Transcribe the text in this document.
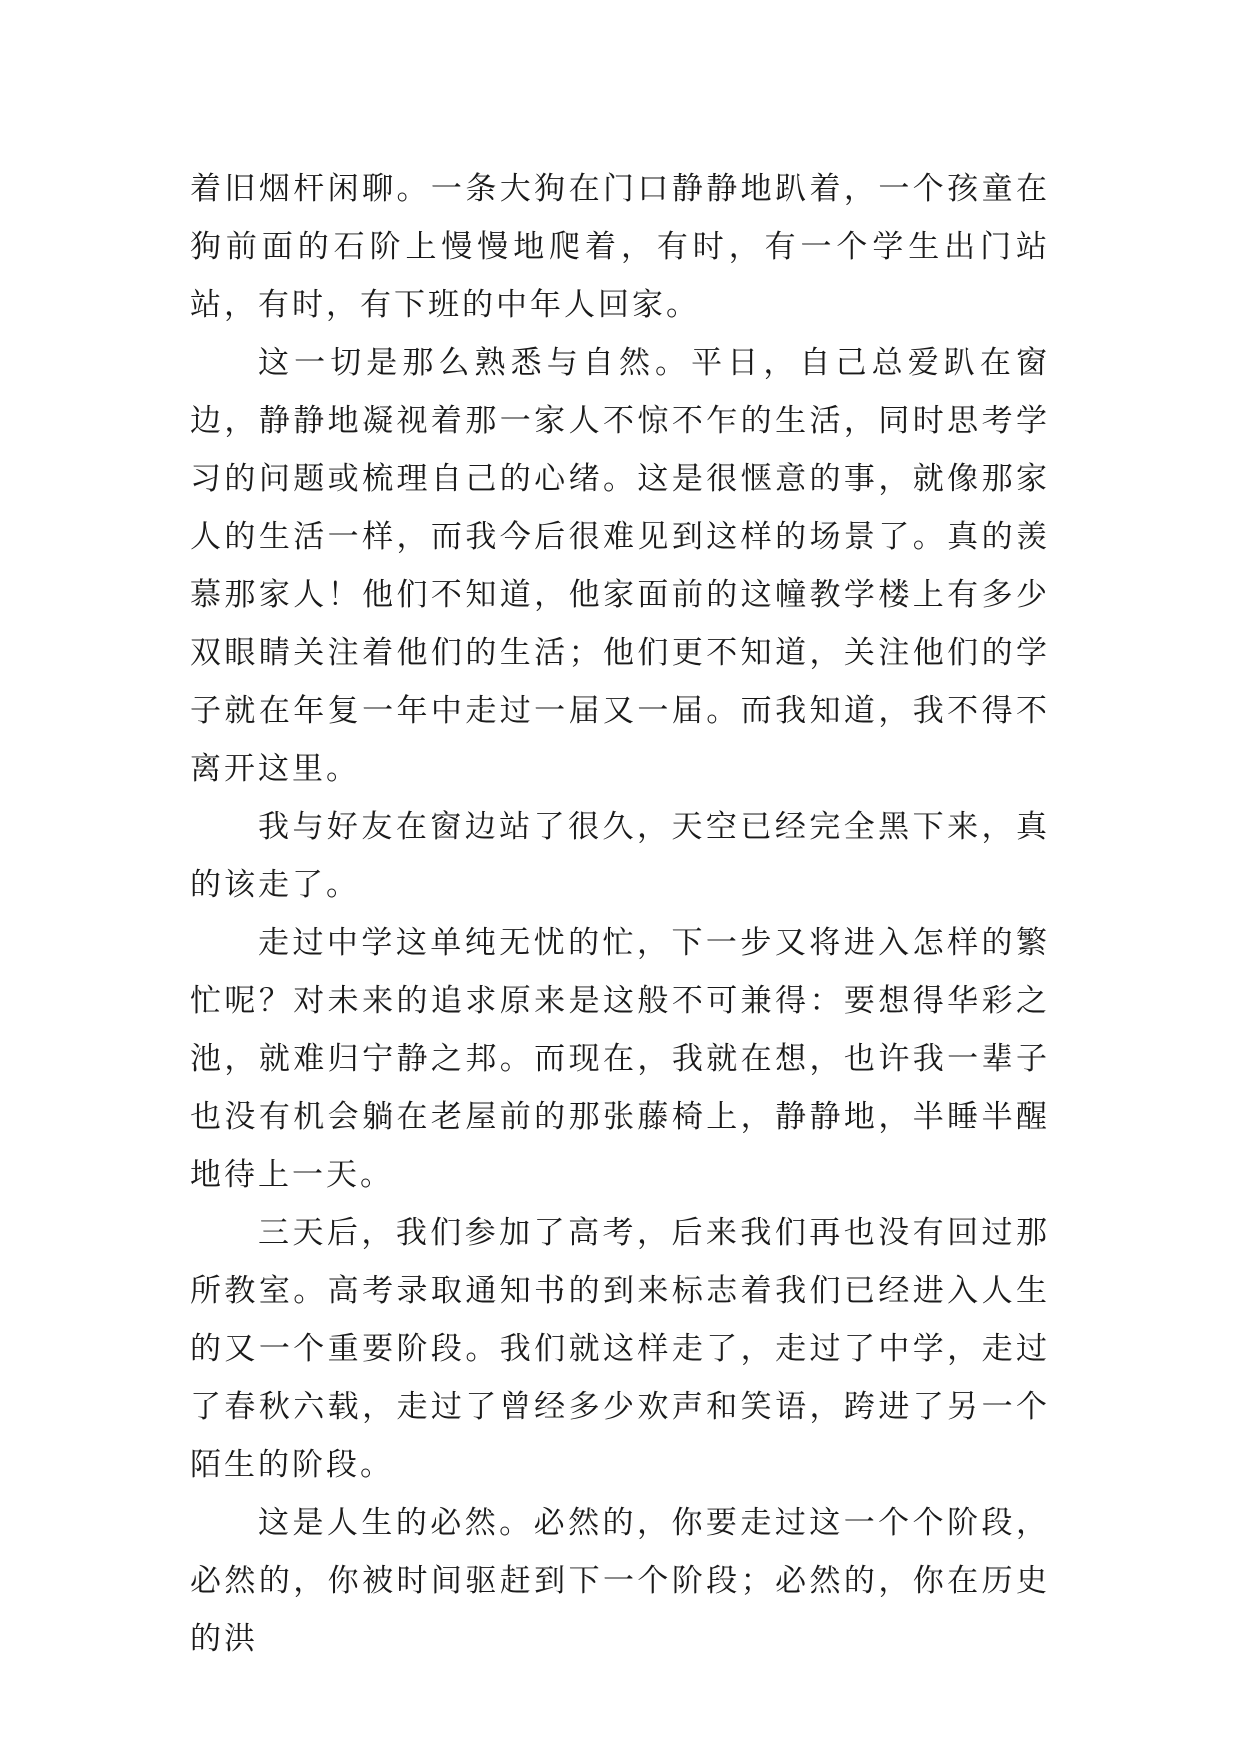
着旧烟杆闲聊。一条大狗在门口静静地趴着，一个孩童在狗前面的石阶上慢慢地爬着，有时，有一个学生出门站站，有时，有下班的中年人回家。

这一切是那么熟悉与自然。平日，自己总爱趴在窗边，静静地凝视着那一家人不惊不乍的生活，同时思考学习的问题或梳理自己的心绪。这是很惬意的事，就像那家人的生活一样，而我今后很难见到这样的场景了。真的羡慕那家人！他们不知道，他家面前的这幢教学楼上有多少双眼睛关注着他们的生活；他们更不知道，关注他们的学子就在年复一年中走过一届又一届。而我知道，我不得不离开这里。

我与好友在窗边站了很久，天空已经完全黑下来，真的该走了。

走过中学这单纯无忧的忙，下一步又将进入怎样的繁忙呢？对未来的追求原来是这般不可兼得：要想得华彩之池，就难归宁静之邦。而现在，我就在想，也许我一辈子也没有机会躺在老屋前的那张藤椅上，静静地，半睡半醒地待上一天。

三天后，我们参加了高考，后来我们再也没有回过那所教室。高考录取通知书的到来标志着我们已经进入人生的又一个重要阶段。我们就这样走了，走过了中学，走过了春秋六载，走过了曾经多少欢声和笑语，跨进了另一个陌生的阶段。

这是人生的必然。必然的，你要走过这一个个阶段，必然的，你被时间驱赶到下一个阶段；必然的，你在历史的洪
